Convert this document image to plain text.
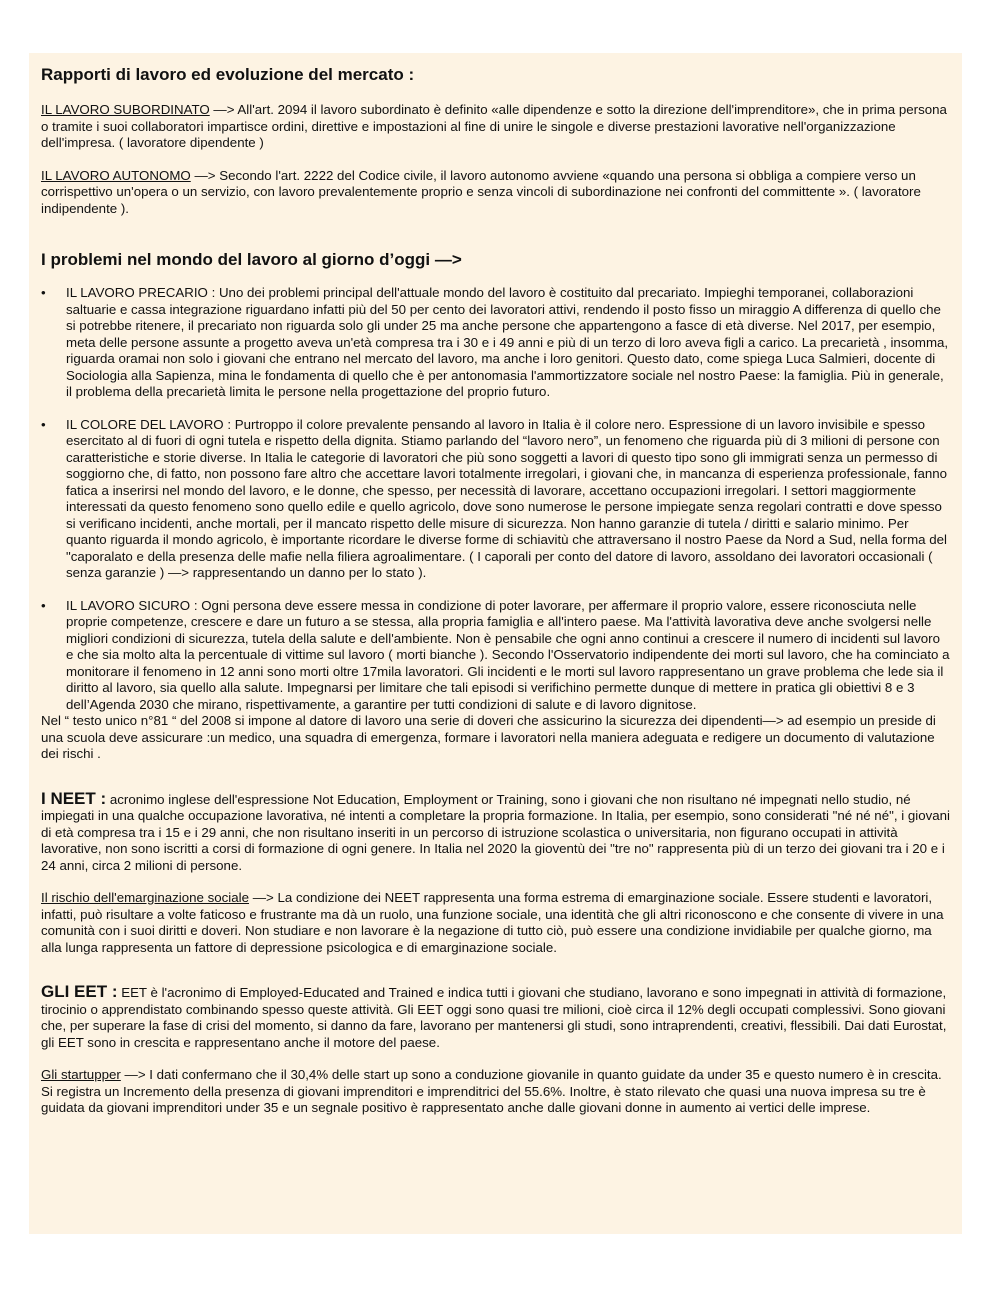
Rapporti di lavoro ed evoluzione del mercato :

IL LAVORO SUBORDINATO —> All'art. 2094 il lavoro subordinato è definito «alle dipendenze e sotto la direzione dell'imprenditore», che in prima persona o tramite i suoi collaboratori impartisce ordini, direttive e impostazioni al fine di unire le singole e diverse prestazioni lavorative nell'organizzazione dell'impresa. ( lavoratore dipendente )

IL LAVORO AUTONOMO —> Secondo l'art. 2222 del Codice civile, il lavoro autonomo avviene «quando una persona si obbliga a compiere verso un corrispettivo un'opera o un servizio, con lavoro prevalentemente proprio e senza vincoli di subordinazione nei confronti del committente ». ( lavoratore indipendente ).

I problemi nel mondo del lavoro al giorno d’oggi —>
• IL LAVORO PRECARIO : Uno dei problemi principal dell'attuale mondo del lavoro è costituito dal precariato. Impieghi temporanei, collaborazioni saltuarie e cassa integrazione riguardano infatti più del 50 per cento dei lavoratori attivi, rendendo il posto fisso un miraggio A differenza di quello che si potrebbe ritenere, il precariato non riguarda solo gli under 25 ma anche persone che appartengono a fasce di età diverse. Nel 2017, per esempio, meta delle persone assunte a progetto aveva un'età compresa tra i 30 e i 49 anni e più di un terzo di loro aveva figli a carico. La precarietà , insomma, riguarda oramai non solo i giovani che entrano nel mercato del lavoro, ma anche i loro genitori. Questo dato, come spiega Luca Salmieri, docente di Sociologia alla Sapienza, mina le fondamenta di quello che è per antonomasia l'ammortizzatore sociale nel nostro Paese: la famiglia. Più in generale, il problema della precarietà limita le persone nella progettazione del proprio futuro.
• IL COLORE DEL LAVORO : Purtroppo il colore prevalente pensando al lavoro in Italia è il colore nero. Espressione di un lavoro invisibile e spesso esercitato al di fuori di ogni tutela e rispetto della dignita. Stiamo parlando del “lavoro nero”, un fenomeno che riguarda più di 3 milioni di persone con caratteristiche e storie diverse. In Italia le categorie di lavoratori che più sono soggetti a lavori di questo tipo sono gli immigrati senza un permesso di soggiorno che, di fatto, non possono fare altro che accettare lavori totalmente irregolari, i giovani che, in mancanza di esperienza professionale, fanno fatica a inserirsi nel mondo del lavoro, e le donne, che spesso, per necessità di lavorare, accettano occupazioni irregolari. I settori maggiormente interessati da questo fenomeno sono quello edile e quello agricolo, dove sono numerose le persone impiegate senza regolari contratti e dove spesso si verificano incidenti, anche mortali, per il mancato rispetto delle misure di sicurezza. Non hanno garanzie di tutela / diritti e salario minimo. Per quanto riguarda il mondo agricolo, è importante ricordare le diverse forme di schiavitù che attraversano il nostro Paese da Nord a Sud, nella forma del "caporalato e della presenza delle mafie nella filiera agroalimentare. ( I caporali per conto del datore di lavoro, assoldano dei lavoratori occasionali ( senza garanzie ) —> rappresentando un danno per lo stato ).
• IL LAVORO SICURO : Ogni persona deve essere messa in condizione di poter lavorare, per affermare il proprio valore, essere riconosciuta nelle proprie competenze, crescere e dare un futuro a se stessa, alla propria famiglia e all'intero paese. Ma l'attività lavorativa deve anche svolgersi nelle migliori condizioni di sicurezza, tutela della salute e dell'ambiente. Non è pensabile che ogni anno continui a crescere il numero di incidenti sul lavoro e che sia molto alta la percentuale di vittime sul lavoro ( morti bianche ). Secondo l'Osservatorio indipendente dei morti sul lavoro, che ha cominciato a monitorare il fenomeno in 12 anni sono morti oltre 17mila lavoratori. Gli incidenti e le morti sul lavoro rappresentano un grave problema che lede sia il diritto al lavoro, sia quello alla salute. Impegnarsi per limitare che tali episodi si verifichino permette dunque di mettere in pratica gli obiettivi 8 e 3 dell’Agenda 2030 che mirano, rispettivamente, a garantire per tutti condizioni di salute e di lavoro dignitose.

Nel “ testo unico n°81 “ del 2008 si impone al datore di lavoro una serie di doveri che assicurino la sicurezza dei dipendenti—> ad esempio un preside di una scuola deve assicurare :un medico, una squadra di emergenza, formare i lavoratori nella maniera adeguata e redigere un documento di valutazione dei rischi .

I NEET : acronimo inglese dell'espressione Not Education, Employment or Training, sono i giovani che non risultano né impegnati nello studio, né impiegati in una qualche occupazione lavorativa, né intenti a completare la propria formazione. In Italia, per esempio, sono considerati "né né né", i giovani di età compresa tra i 15 e i 29 anni, che non risultano inseriti in un percorso di istruzione scolastica o universitaria, non figurano occupati in attività lavorative, non sono iscritti a corsi di formazione di ogni genere. In Italia nel 2020 la gioventù dei "tre no" rappresenta più di un terzo dei giovani tra i 20 e i 24 anni, circa 2 milioni di persone.

Il rischio dell'emarginazione sociale —> La condizione dei NEET rappresenta una forma estrema di emarginazione sociale. Essere studenti e lavoratori, infatti, può risultare a volte faticoso e frustrante ma dà un ruolo, una funzione sociale, una identità che gli altri riconoscono e che consente di vivere in una comunità con i suoi diritti e doveri. Non studiare e non lavorare è la negazione di tutto ciò, può essere una condizione invidiabile per qualche giorno, ma alla lunga rappresenta un fattore di depressione psicologica e di emarginazione sociale.

GLI EET : EET è l'acronimo di Employed-Educated and Trained e indica tutti i giovani che studiano, lavorano e sono impegnati in attività di formazione, tirocinio o apprendistato combinando spesso queste attività. Gli EET oggi sono quasi tre milioni, cioè circa il 12% degli occupati complessivi. Sono giovani che, per superare la fase di crisi del momento, si danno da fare, lavorano per mantenersi gli studi, sono intraprendenti, creativi, flessibili. Dai dati Eurostat, gli EET sono in crescita e rappresentano anche il motore del paese.

Gli startupper —> I dati confermano che il 30,4% delle start up sono a conduzione giovanile in quanto guidate da under 35 e questo numero è in crescita. Si registra un Incremento della presenza di giovani imprenditori e imprenditrici del 55.6%. Inoltre, è stato rilevato che quasi una nuova impresa su tre è guidata da giovani imprenditori under 35 e un segnale positivo è rappresentato anche dalle giovani donne in aumento ai vertici delle imprese.
